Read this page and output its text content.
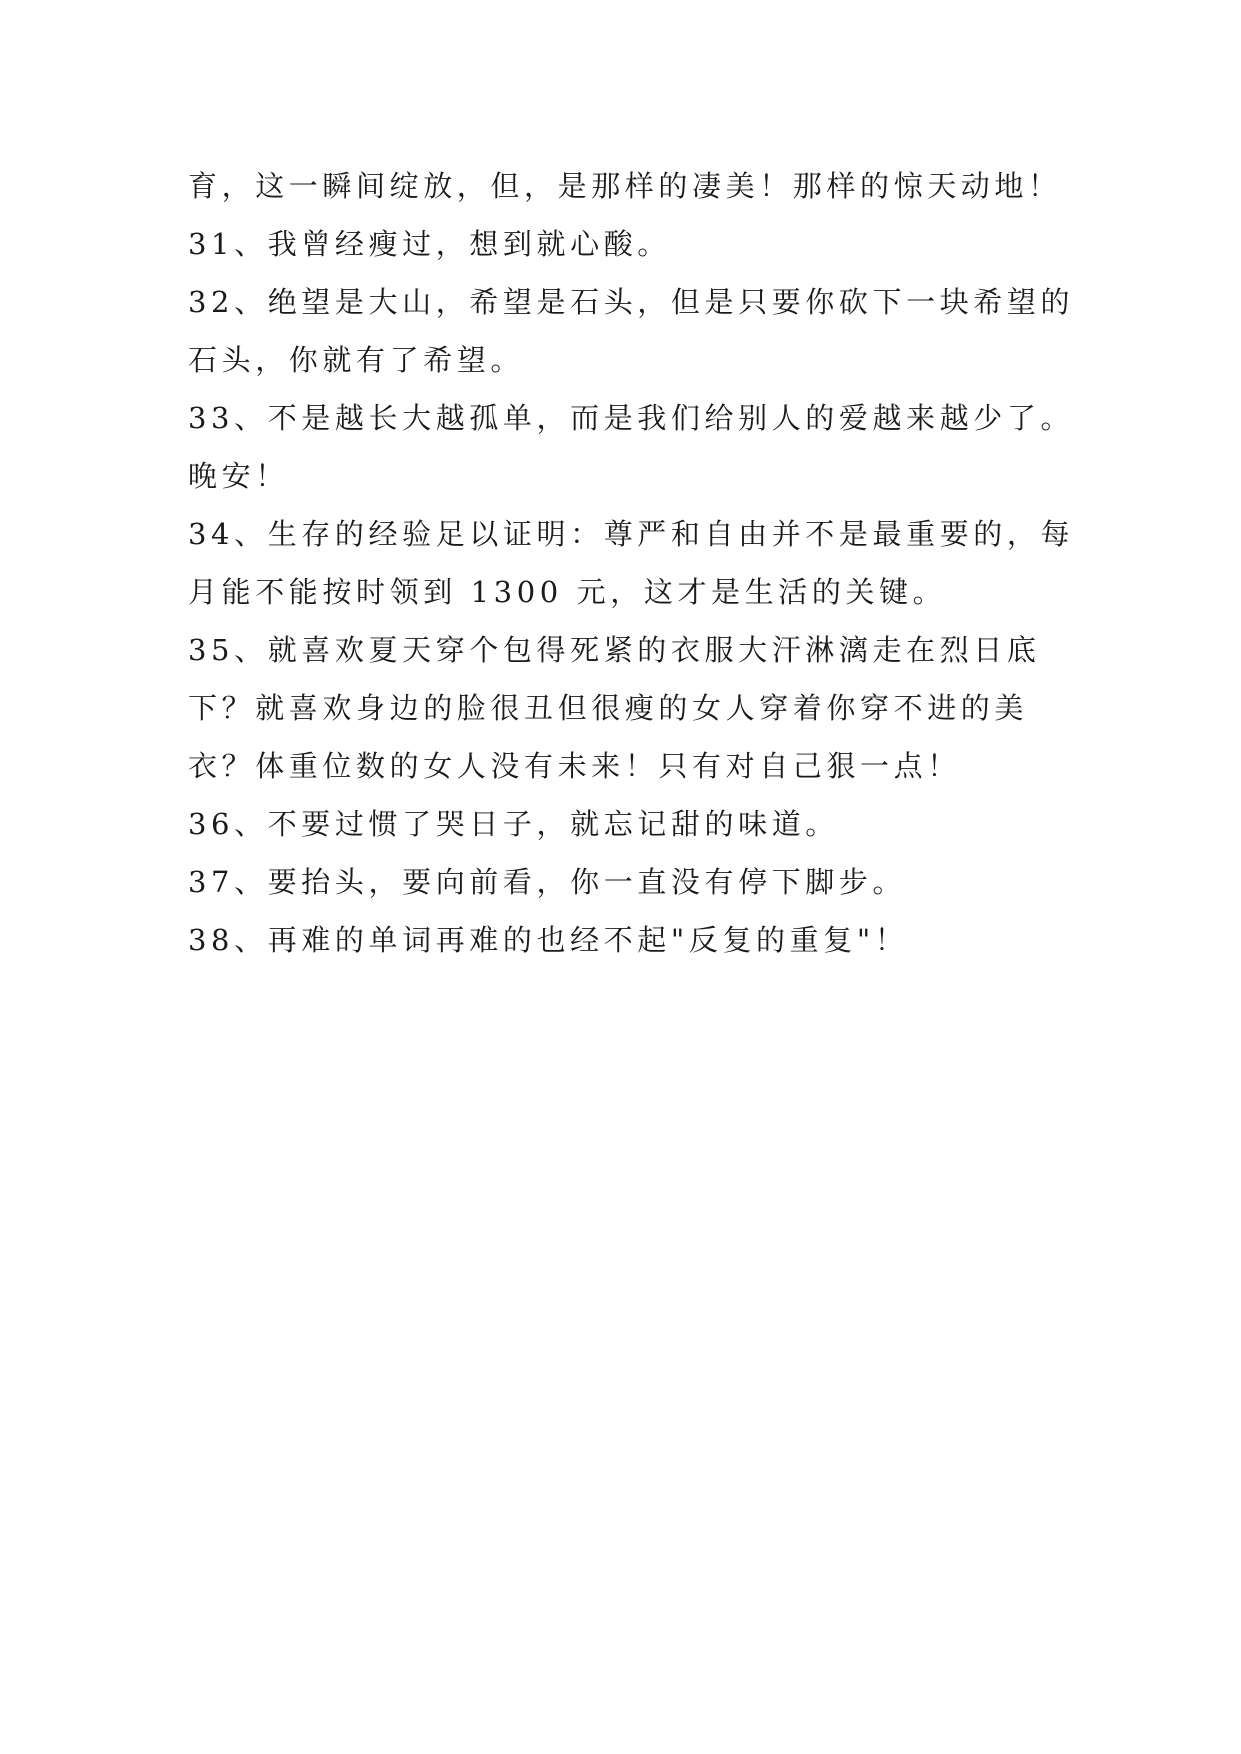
育，这一瞬间绽放，但，是那样的凄美！那样的惊天动地！
31、我曾经瘦过，想到就心酸。
32、绝望是大山，希望是石头，但是只要你砍下一块希望的
石头，你就有了希望。
33、不是越长大越孤单，而是我们给别人的爱越来越少了。
晚安！
34、生存的经验足以证明：尊严和自由并不是最重要的，每
月能不能按时领到 1300 元，这才是生活的关键。
35、就喜欢夏天穿个包得死紧的衣服大汗淋漓走在烈日底
下？就喜欢身边的脸很丑但很瘦的女人穿着你穿不进的美
衣？体重位数的女人没有未来！只有对自己狠一点！
36、不要过惯了哭日子，就忘记甜的味道。
37、要抬头，要向前看，你一直没有停下脚步。
38、再难的单词再难的也经不起"反复的重复"！
